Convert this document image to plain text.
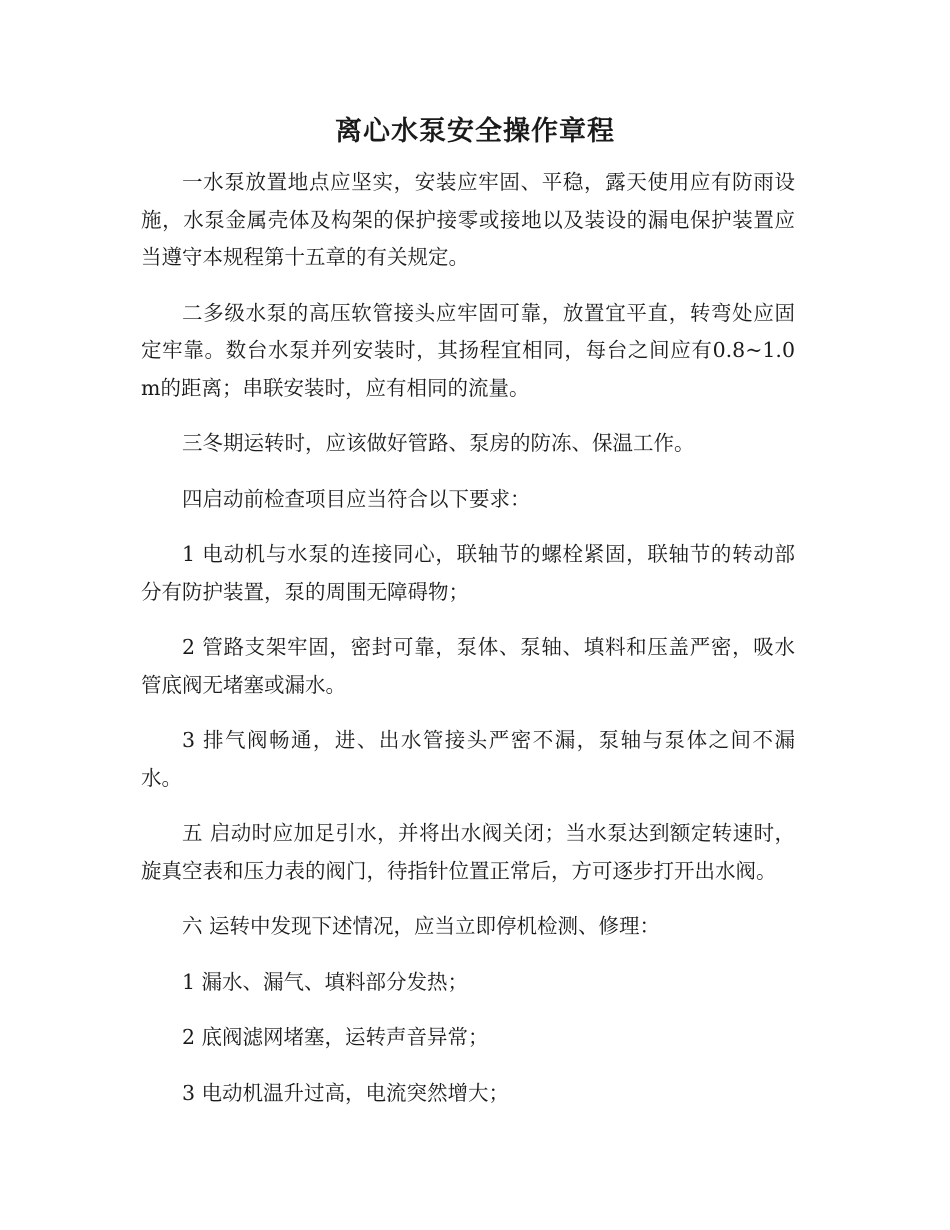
离心水泵安全操作章程

一水泵放置地点应坚实，安装应牢固、平稳，露天使用应有防雨设施，水泵金属壳体及构架的保护接零或接地以及装设的漏电保护装置应当遵守本规程第十五章的有关规定。

二多级水泵的高压软管接头应牢固可靠，放置宜平直，转弯处应固定牢靠。数台水泵并列安装时，其扬程宜相同，每台之间应有0.8~1.0m的距离；串联安装时，应有相同的流量。

三冬期运转时，应该做好管路、泵房的防冻、保温工作。

四启动前检查项目应当符合以下要求：

1 电动机与水泵的连接同心，联轴节的螺栓紧固，联轴节的转动部分有防护装置，泵的周围无障碍物；

2 管路支架牢固，密封可靠，泵体、泵轴、填料和压盖严密，吸水管底阀无堵塞或漏水。

3 排气阀畅通，进、出水管接头严密不漏，泵轴与泵体之间不漏水。

五 启动时应加足引水，并将出水阀关闭；当水泵达到额定转速时，旋真空表和压力表的阀门，待指针位置正常后，方可逐步打开出水阀。

六 运转中发现下述情况，应当立即停机检测、修理：

1 漏水、漏气、填料部分发热；

2 底阀滤网堵塞，运转声音异常；

3 电动机温升过高，电流突然增大；
